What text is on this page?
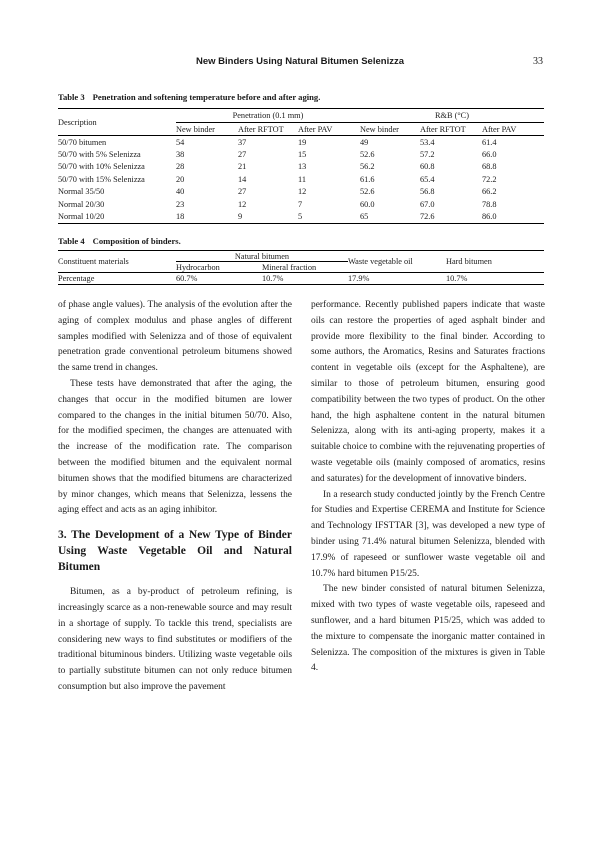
New Binders Using Natural Bitumen Selenizza	33
Table 3 Penetration and softening temperature before and after aging.
Description	Penetration (0.1 mm)			R&B (°C)		
	New binder	After RFTOT	After PAV	New binder	After RFTOT	After PAV
50/70 bitumen	54	37	19	49	53.4	61.4
50/70 with 5% Selenizza	38	27	15	52.6	57.2	66.0
50/70 with 10% Selenizza	28	21	13	56.2	60.8	68.8
50/70 with 15% Selenizza	20	14	11	61.6	65.4	72.2
Normal 35/50	40	27	12	52.6	56.8	66.2
Normal 20/30	23	12	7	60.0	67.0	78.8
Normal 10/20	18	9	5	65	72.6	86.0
Table 4 Composition of binders.
Constituent materials	Natural bitumen		Waste vegetable oil	Hard bitumen
	Hydrocarbon	Mineral fraction		
Percentage	60.7%	10.7%	17.9%	10.7%

of phase angle values). The analysis of the evolution after the aging of complex modulus and phase angles of different samples modified with Selenizza and of those of equivalent penetration grade conventional petroleum bitumens showed the same trend in changes.

These tests have demonstrated that after the aging, the changes that occur in the modified bitumen are lower compared to the changes in the initial bitumen 50/70. Also, for the modified specimen, the changes are attenuated with the increase of the modification rate. The comparison between the modified bitumen and the equivalent normal bitumen shows that the modified bitumens are characterized by minor changes, which means that Selenizza, lessens the aging effect and acts as an aging inhibitor.

3. The Development of a New Type of Binder Using Waste Vegetable Oil and Natural Bitumen

Bitumen, as a by-product of petroleum refining, is increasingly scarce as a non-renewable source and may result in a shortage of supply. To tackle this trend, specialists are considering new ways to find substitutes or modifiers of the traditional bituminous binders. Utilizing waste vegetable oils to partially substitute bitumen can not only reduce bitumen consumption but also improve the pavement

performance. Recently published papers indicate that waste oils can restore the properties of aged asphalt binder and provide more flexibility to the final binder. According to some authors, the Aromatics, Resins and Saturates fractions content in vegetable oils (except for the Asphaltene), are similar to those of petroleum bitumen, ensuring good compatibility between the two types of product. On the other hand, the high asphaltene content in the natural bitumen Selenizza, along with its anti-aging property, makes it a suitable choice to combine with the rejuvenating properties of waste vegetable oils (mainly composed of aromatics, resins and saturates) for the development of innovative binders.

In a research study conducted jointly by the French Centre for Studies and Expertise CEREMA and Institute for Science and Technology IFSTTAR [3], was developed a new type of binder using 71.4% natural bitumen Selenizza, blended with 17.9% of rapeseed or sunflower waste vegetable oil and 10.7% hard bitumen P15/25.

The new binder consisted of natural bitumen Selenizza, mixed with two types of waste vegetable oils, rapeseed and sunflower, and a hard bitumen P15/25, which was added to the mixture to compensate the inorganic matter contained in Selenizza. The composition of the mixtures is given in Table 4.
